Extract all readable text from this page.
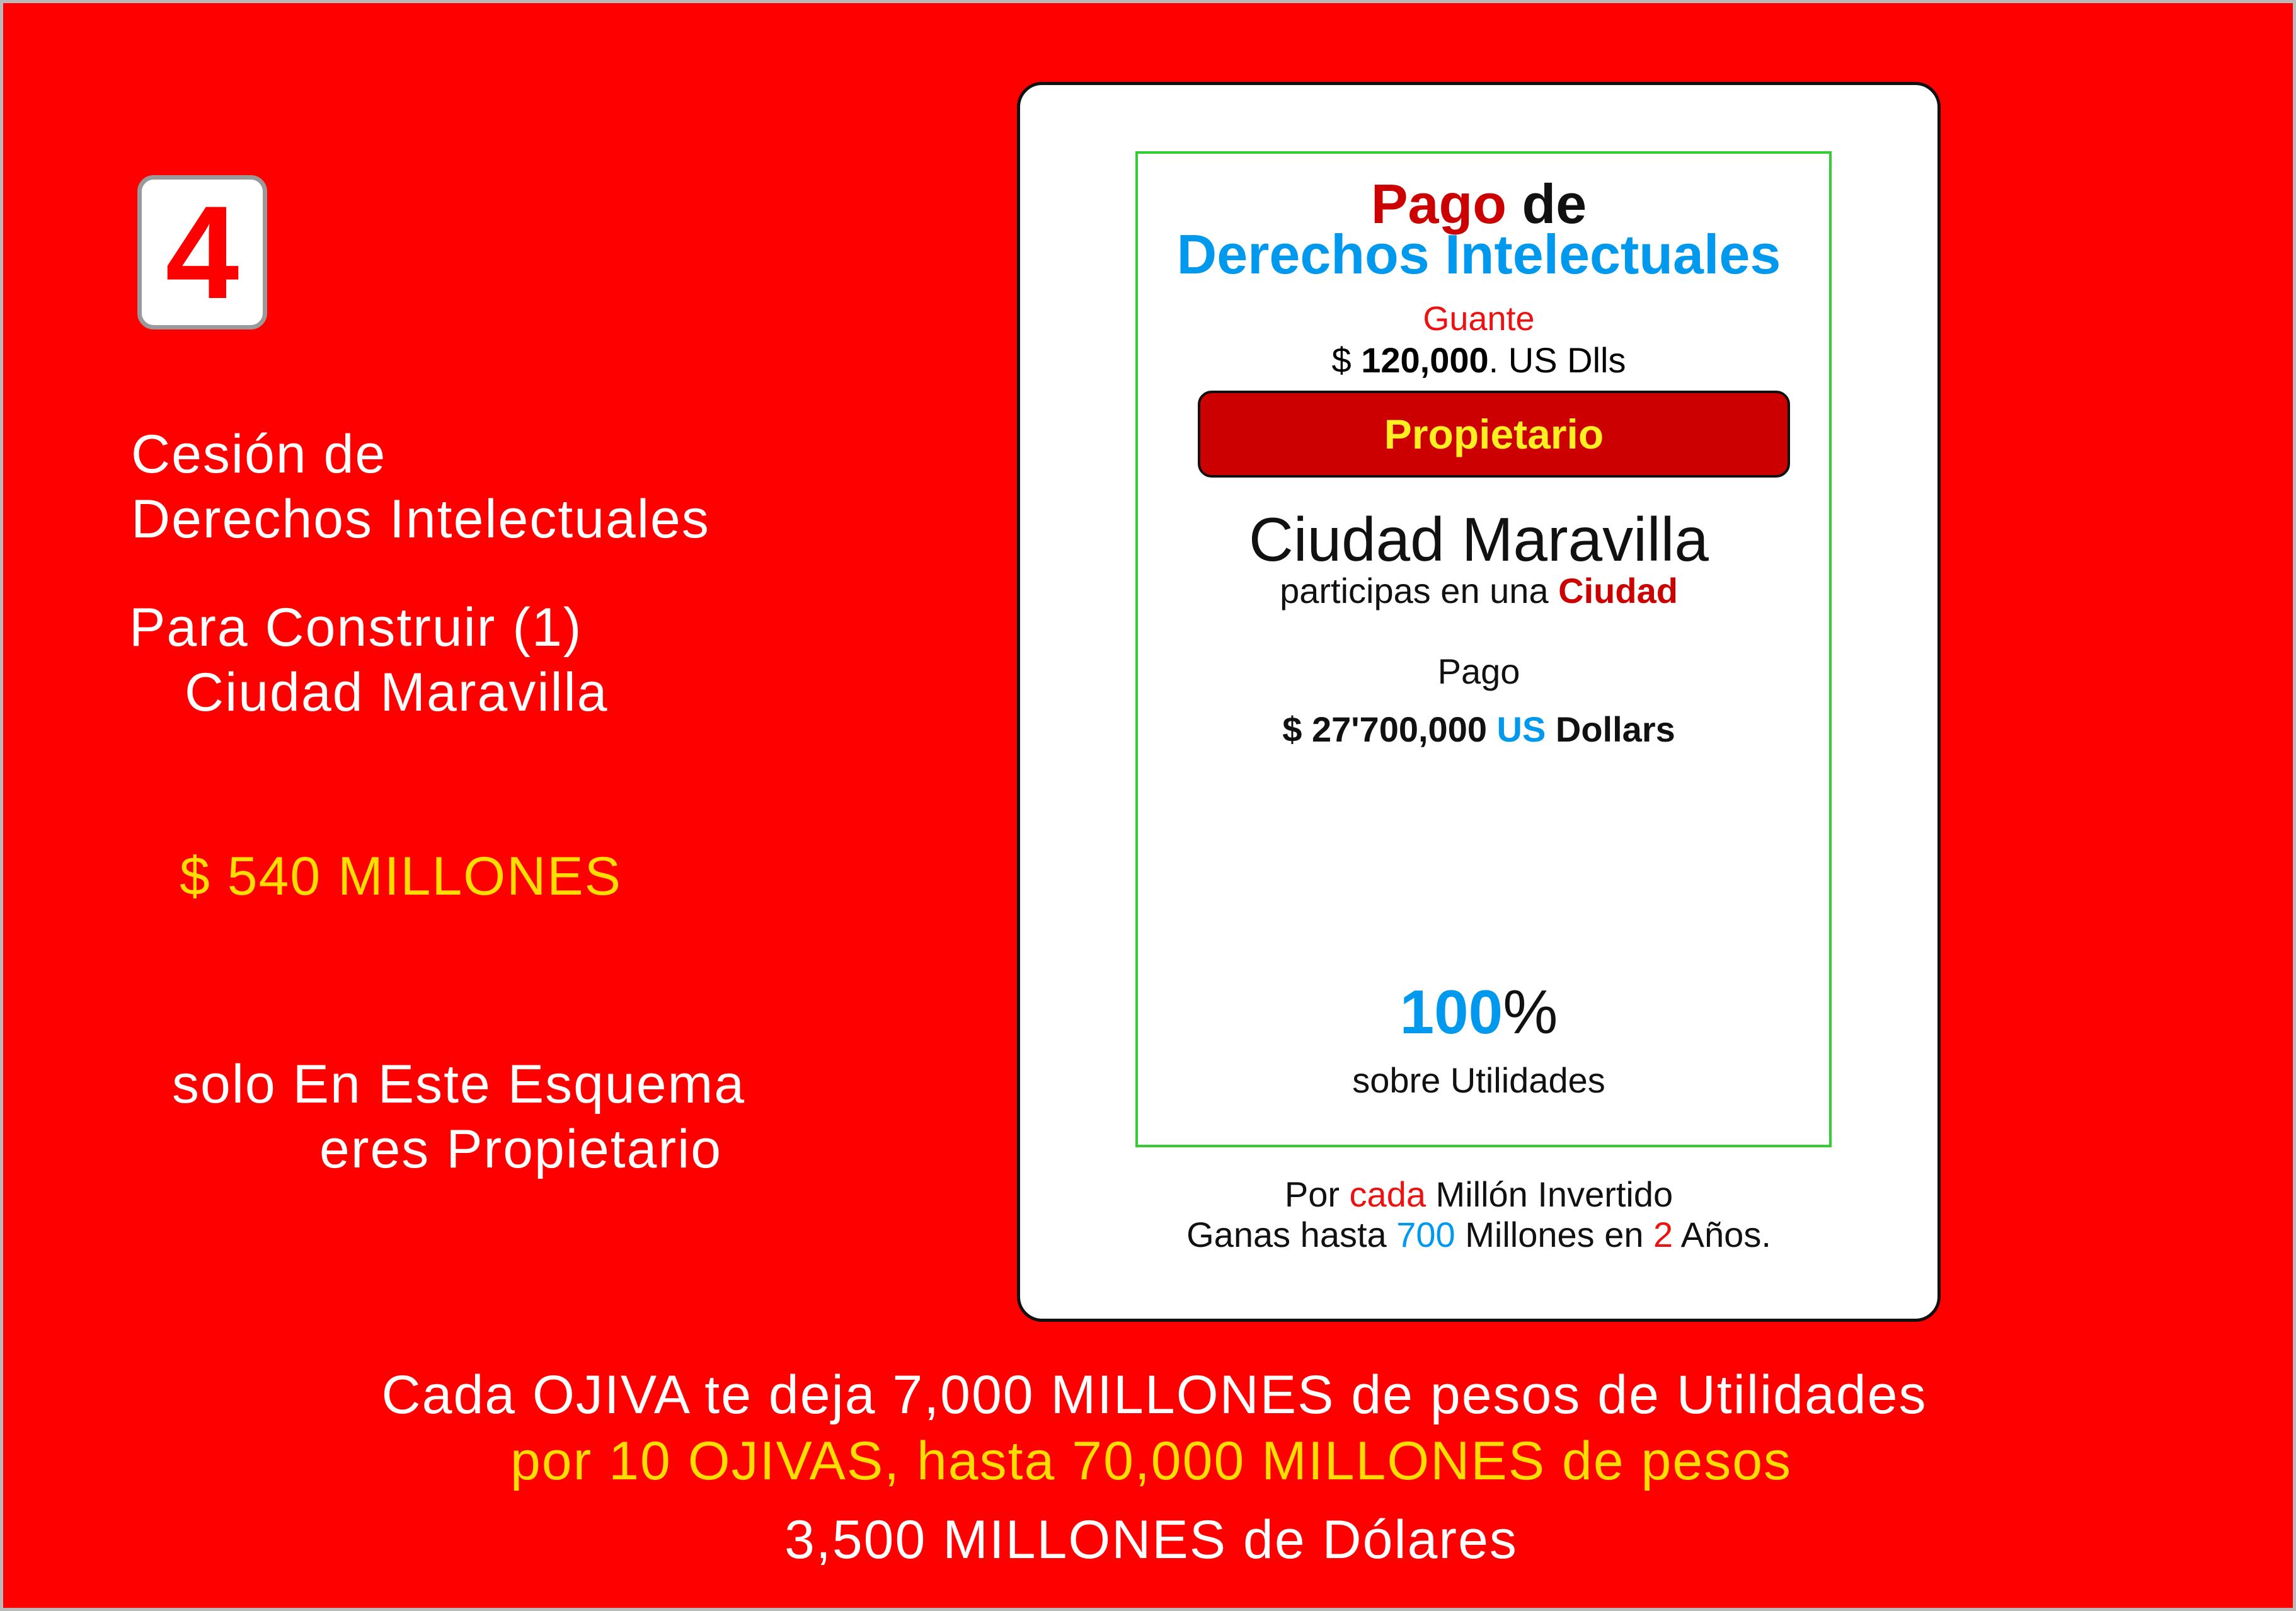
4
Cesión de
Derechos Intelectuales
Para Construir (1)
Ciudad Maravilla
$ 540 MILLONES
solo En Este Esquema
eres Propietario
Pago de
Derechos Intelectuales
Guante
$ 120,000. US Dlls
Propietario
Ciudad Maravilla
participas en una Ciudad
Pago
$ 27'700,000 US Dollars
100%
sobre Utilidades
Por cada Millón Invertido
Ganas hasta 700 Millones en 2 Años.
Cada OJIVA te deja 7,000 MILLONES de pesos de Utilidades
por 10 OJIVAS, hasta 70,000 MILLONES de pesos
3,500 MILLONES de Dólares
